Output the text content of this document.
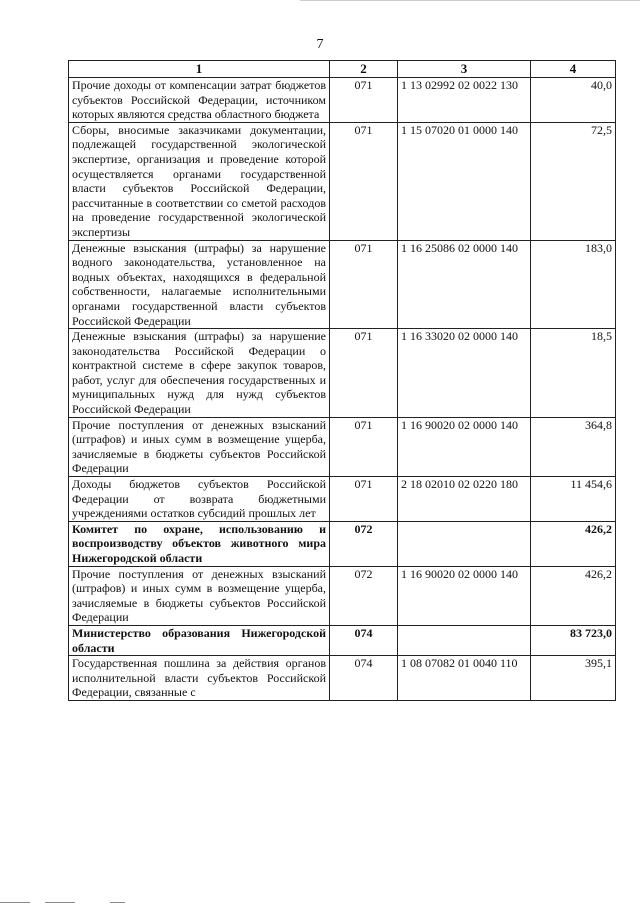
7
1	2	3	4
Прочие доходы от компенсации затрат бюджетов субъектов Российской Федерации, источником которых являются средства областного бюджета	071	1 13 02992 02 0022 130	40,0
Сборы, вносимые заказчиками документации, подлежащей государственной экологической экспертизе, организация и проведение которой осуществляется органами государственной власти субъектов Российской Федерации, рассчитанные в соответствии со сметой расходов на проведение государственной экологической экспертизы	071	1 15 07020 01 0000 140	72,5
Денежные взыскания (штрафы) за нарушение водного законодательства, установленное на водных объектах, находящихся в федеральной собственности, налагаемые исполнительными органами государственной власти субъектов Российской Федерации	071	1 16 25086 02 0000 140	183,0
Денежные взыскания (штрафы) за нарушение законодательства Российской Федерации о контрактной системе в сфере закупок товаров, работ, услуг для обеспечения государственных и муниципальных нужд для нужд субъектов Российской Федерации	071	1 16 33020 02 0000 140	18,5
Прочие поступления от денежных взысканий (штрафов) и иных сумм в возмещение ущерба, зачисляемые в бюджеты субъектов Российской Федерации	071	1 16 90020 02 0000 140	364,8
Доходы бюджетов субъектов Российской Федерации от возврата бюджетными учреждениями остатков субсидий прошлых лет	071	2 18 02010 02 0220 180	11 454,6
Комитет по охране, использованию и воспроизводству объектов животного мира Нижегородской области	072		426,2
Прочие поступления от денежных взысканий (штрафов) и иных сумм в возмещение ущерба, зачисляемые в бюджеты субъектов Российской Федерации	072	1 16 90020 02 0000 140	426,2
Министерство образования Нижегородской области	074		83 723,0
Государственная пошлина за действия органов исполнительной власти субъектов Российской Федерации, связанные с	074	1 08 07082 01 0040 110	395,1
